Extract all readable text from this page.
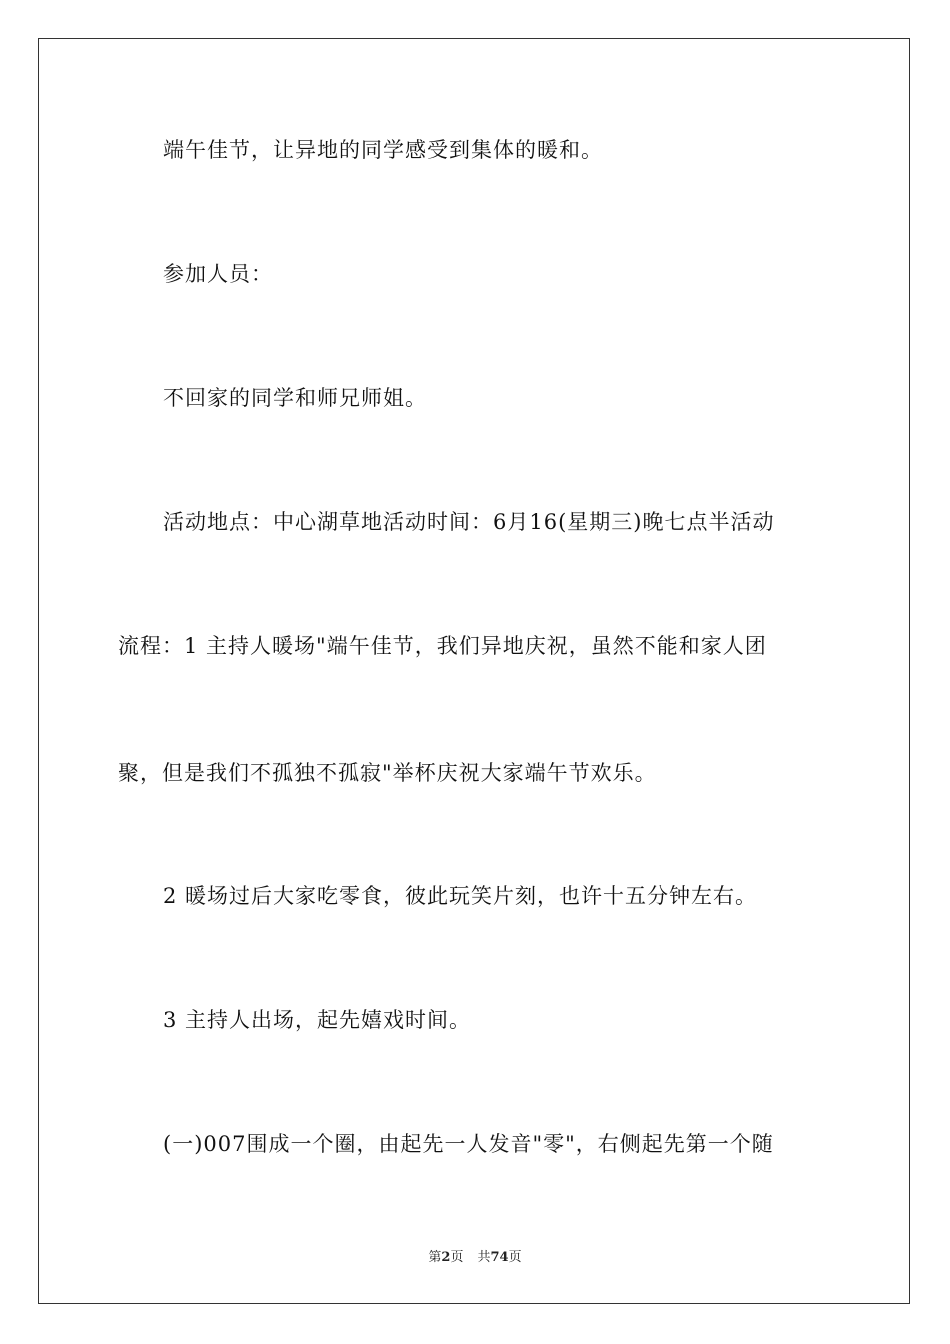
端午佳节，让异地的同学感受到集体的暖和。
参加人员：
不回家的同学和师兄师姐。
活动地点：中心湖草地活动时间：6月16(星期三)晚七点半活动
流程：1 主持人暖场"端午佳节，我们异地庆祝，虽然不能和家人团
聚，但是我们不孤独不孤寂"举杯庆祝大家端午节欢乐。
2 暖场过后大家吃零食，彼此玩笑片刻，也许十五分钟左右。
3 主持人出场，起先嬉戏时间。
(一)007围成一个圈，由起先一人发音"零"，右侧起先第一个随
第2页 共74页
